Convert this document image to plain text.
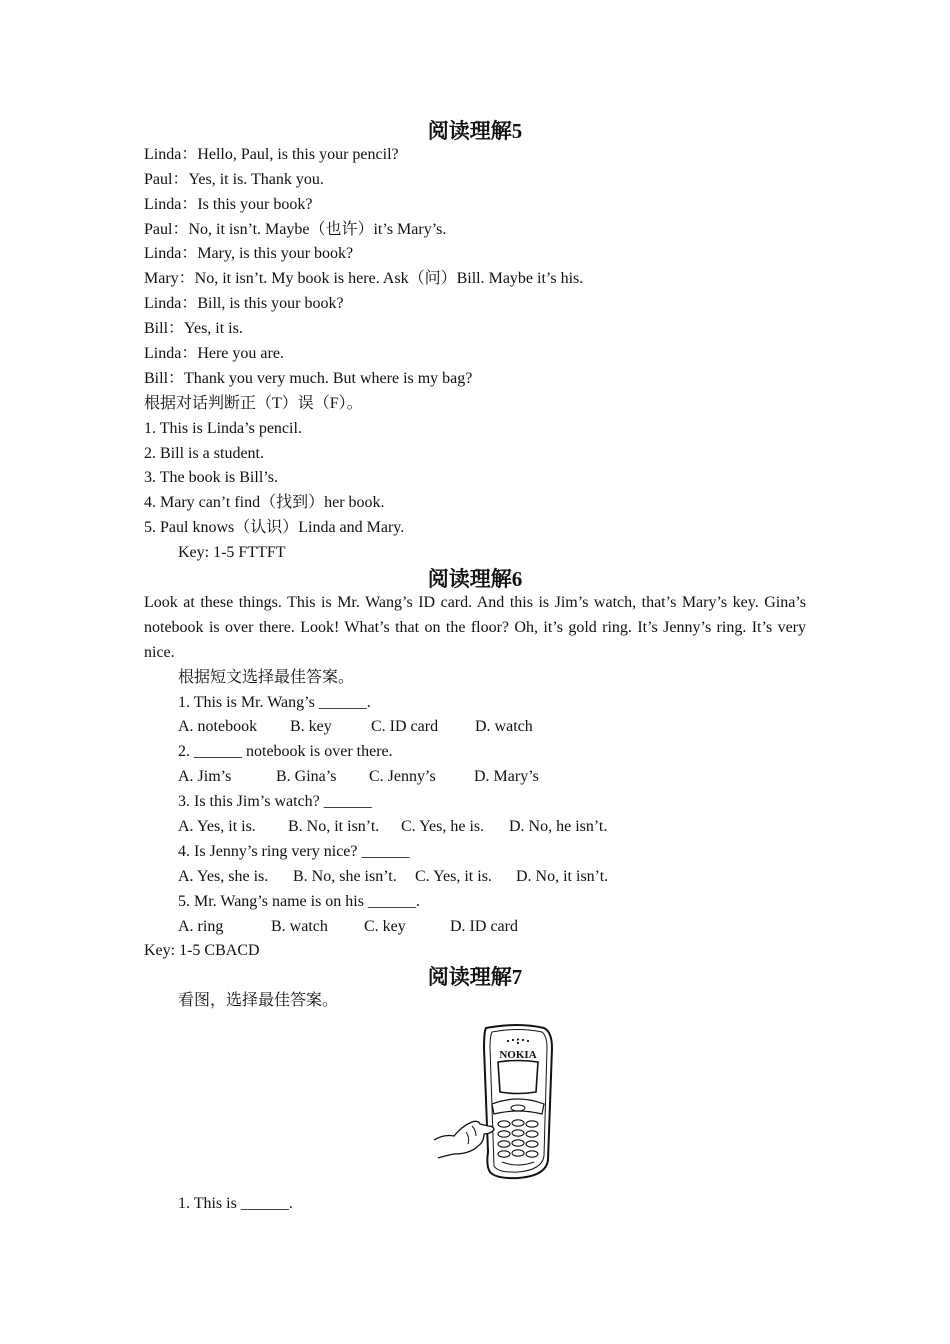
阅读理解5
Linda：Hello, Paul, is this your pencil?
Paul：Yes, it is. Thank you.
Linda：Is this your book?
Paul：No, it isn’t. Maybe（也许）it’s Mary’s.
Linda：Mary, is this your book?
Mary：No, it isn’t. My book is here. Ask（问）Bill. Maybe it’s his.
Linda：Bill, is this your book?
Bill：Yes, it is.
Linda：Here you are.
Bill：Thank you very much. But where is my bag?
根据对话判断正（T）误（F）。
1. This is Linda’s pencil.
2. Bill is a student.
3. The book is Bill’s.
4. Mary can’t find（找到）her book.
5. Paul knows（认识）Linda and Mary.
Key: 1-5 FTTFT
阅读理解6
Look at these things. This is Mr. Wang’s ID card. And this is Jim’s watch, that’s Mary’s key. Gina’s notebook is over there. Look! What’s that on the floor? Oh, it’s gold ring. It’s Jenny’s ring. It’s very nice.
根据短文选择最佳答案。
1. This is Mr. Wang’s ______.
A. notebook	B. key	C. ID card	D. watch
2. ______ notebook is over there.
A. Jim’s	B. Gina’s	C. Jenny’s	D. Mary’s
3. Is this Jim’s watch? ______
A. Yes, it is.	B. No, it isn’t.	C. Yes, he is.	D. No, he isn’t.
4. Is Jenny’s ring very nice? ______
A. Yes, she is.	B. No, she isn’t.	C. Yes, it is.	D. No, it isn’t.
5. Mr. Wang’s name is on his ______.
A. ring	B. watch	C. key	D. ID card
Key: 1-5 CBACD
阅读理解7
看图，选择最佳答案。
NOKIA
1. This is ______.
